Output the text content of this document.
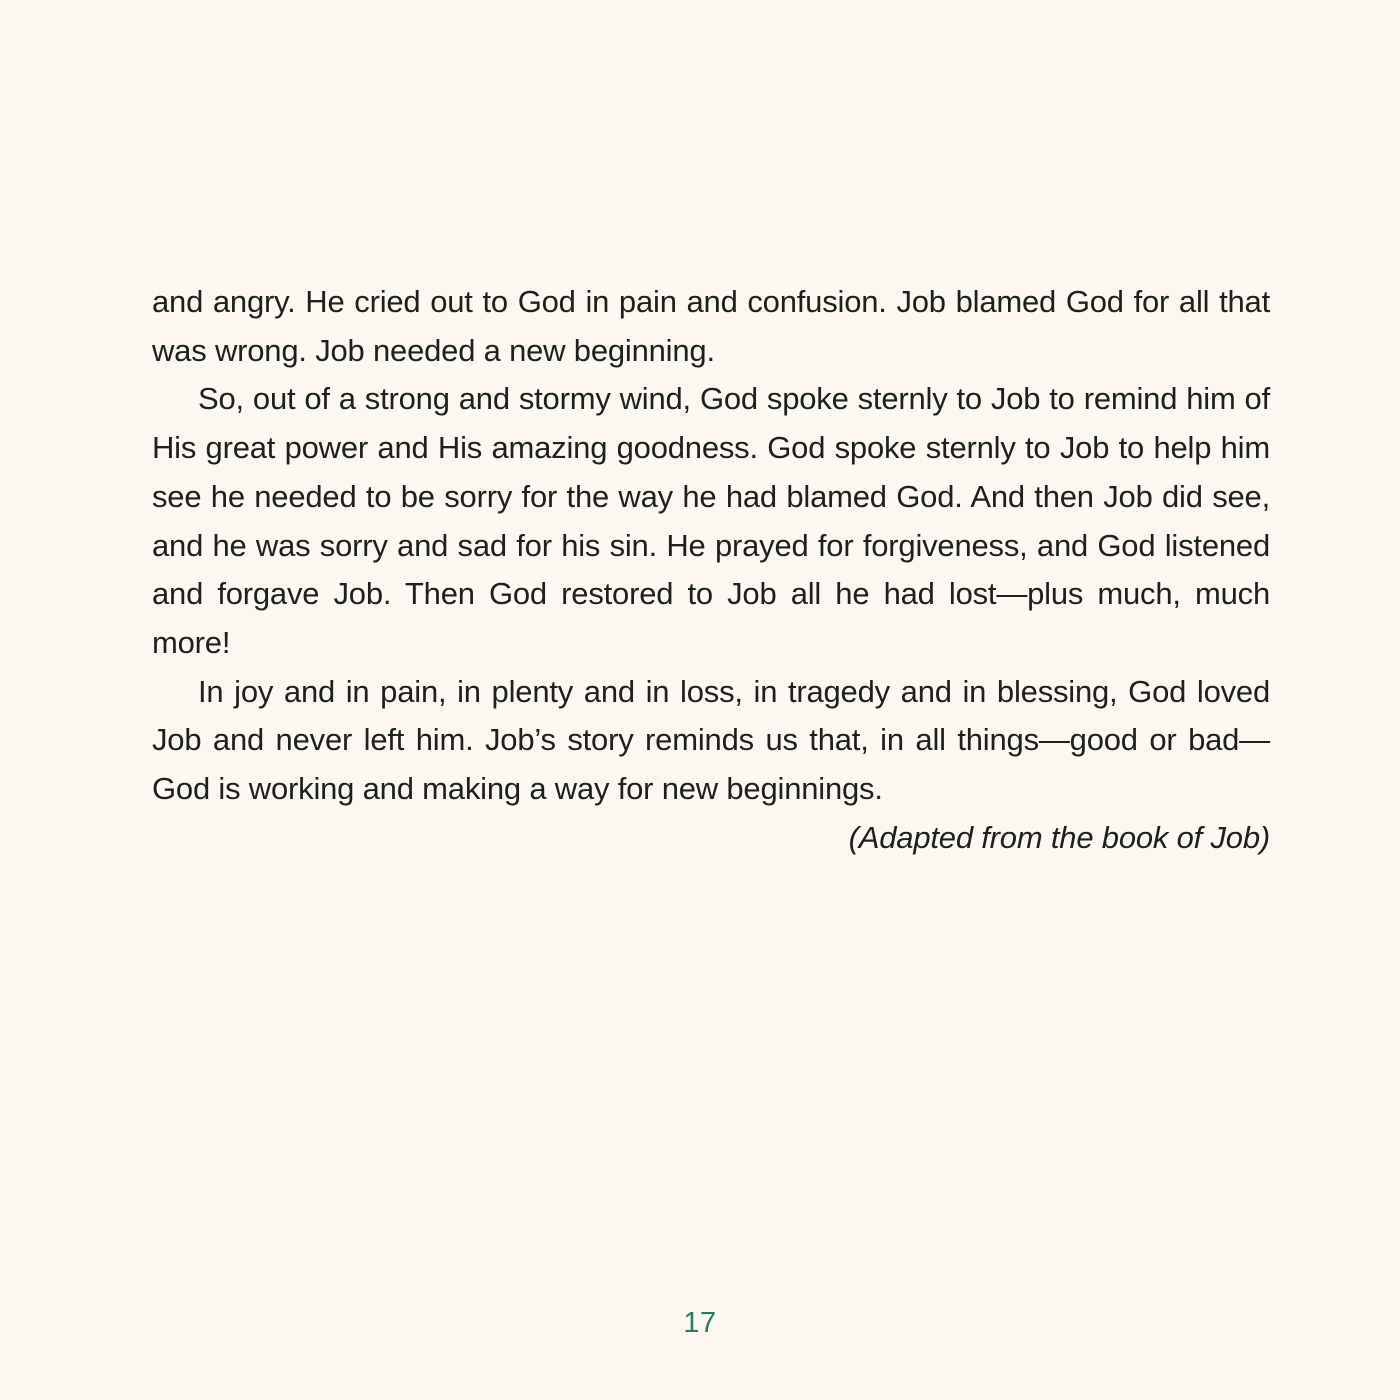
and angry. He cried out to God in pain and confusion. Job blamed God for all that was wrong. Job needed a new beginning.

So, out of a strong and stormy wind, God spoke sternly to Job to remind him of His great power and His amazing goodness. God spoke sternly to Job to help him see he needed to be sorry for the way he had blamed God. And then Job did see, and he was sorry and sad for his sin. He prayed for forgiveness, and God listened and forgave Job. Then God restored to Job all he had lost—plus much, much more!

In joy and in pain, in plenty and in loss, in tragedy and in blessing, God loved Job and never left him. Job’s story reminds us that, in all things—good or bad—God is working and making a way for new beginnings.

(Adapted from the book of Job)

17
